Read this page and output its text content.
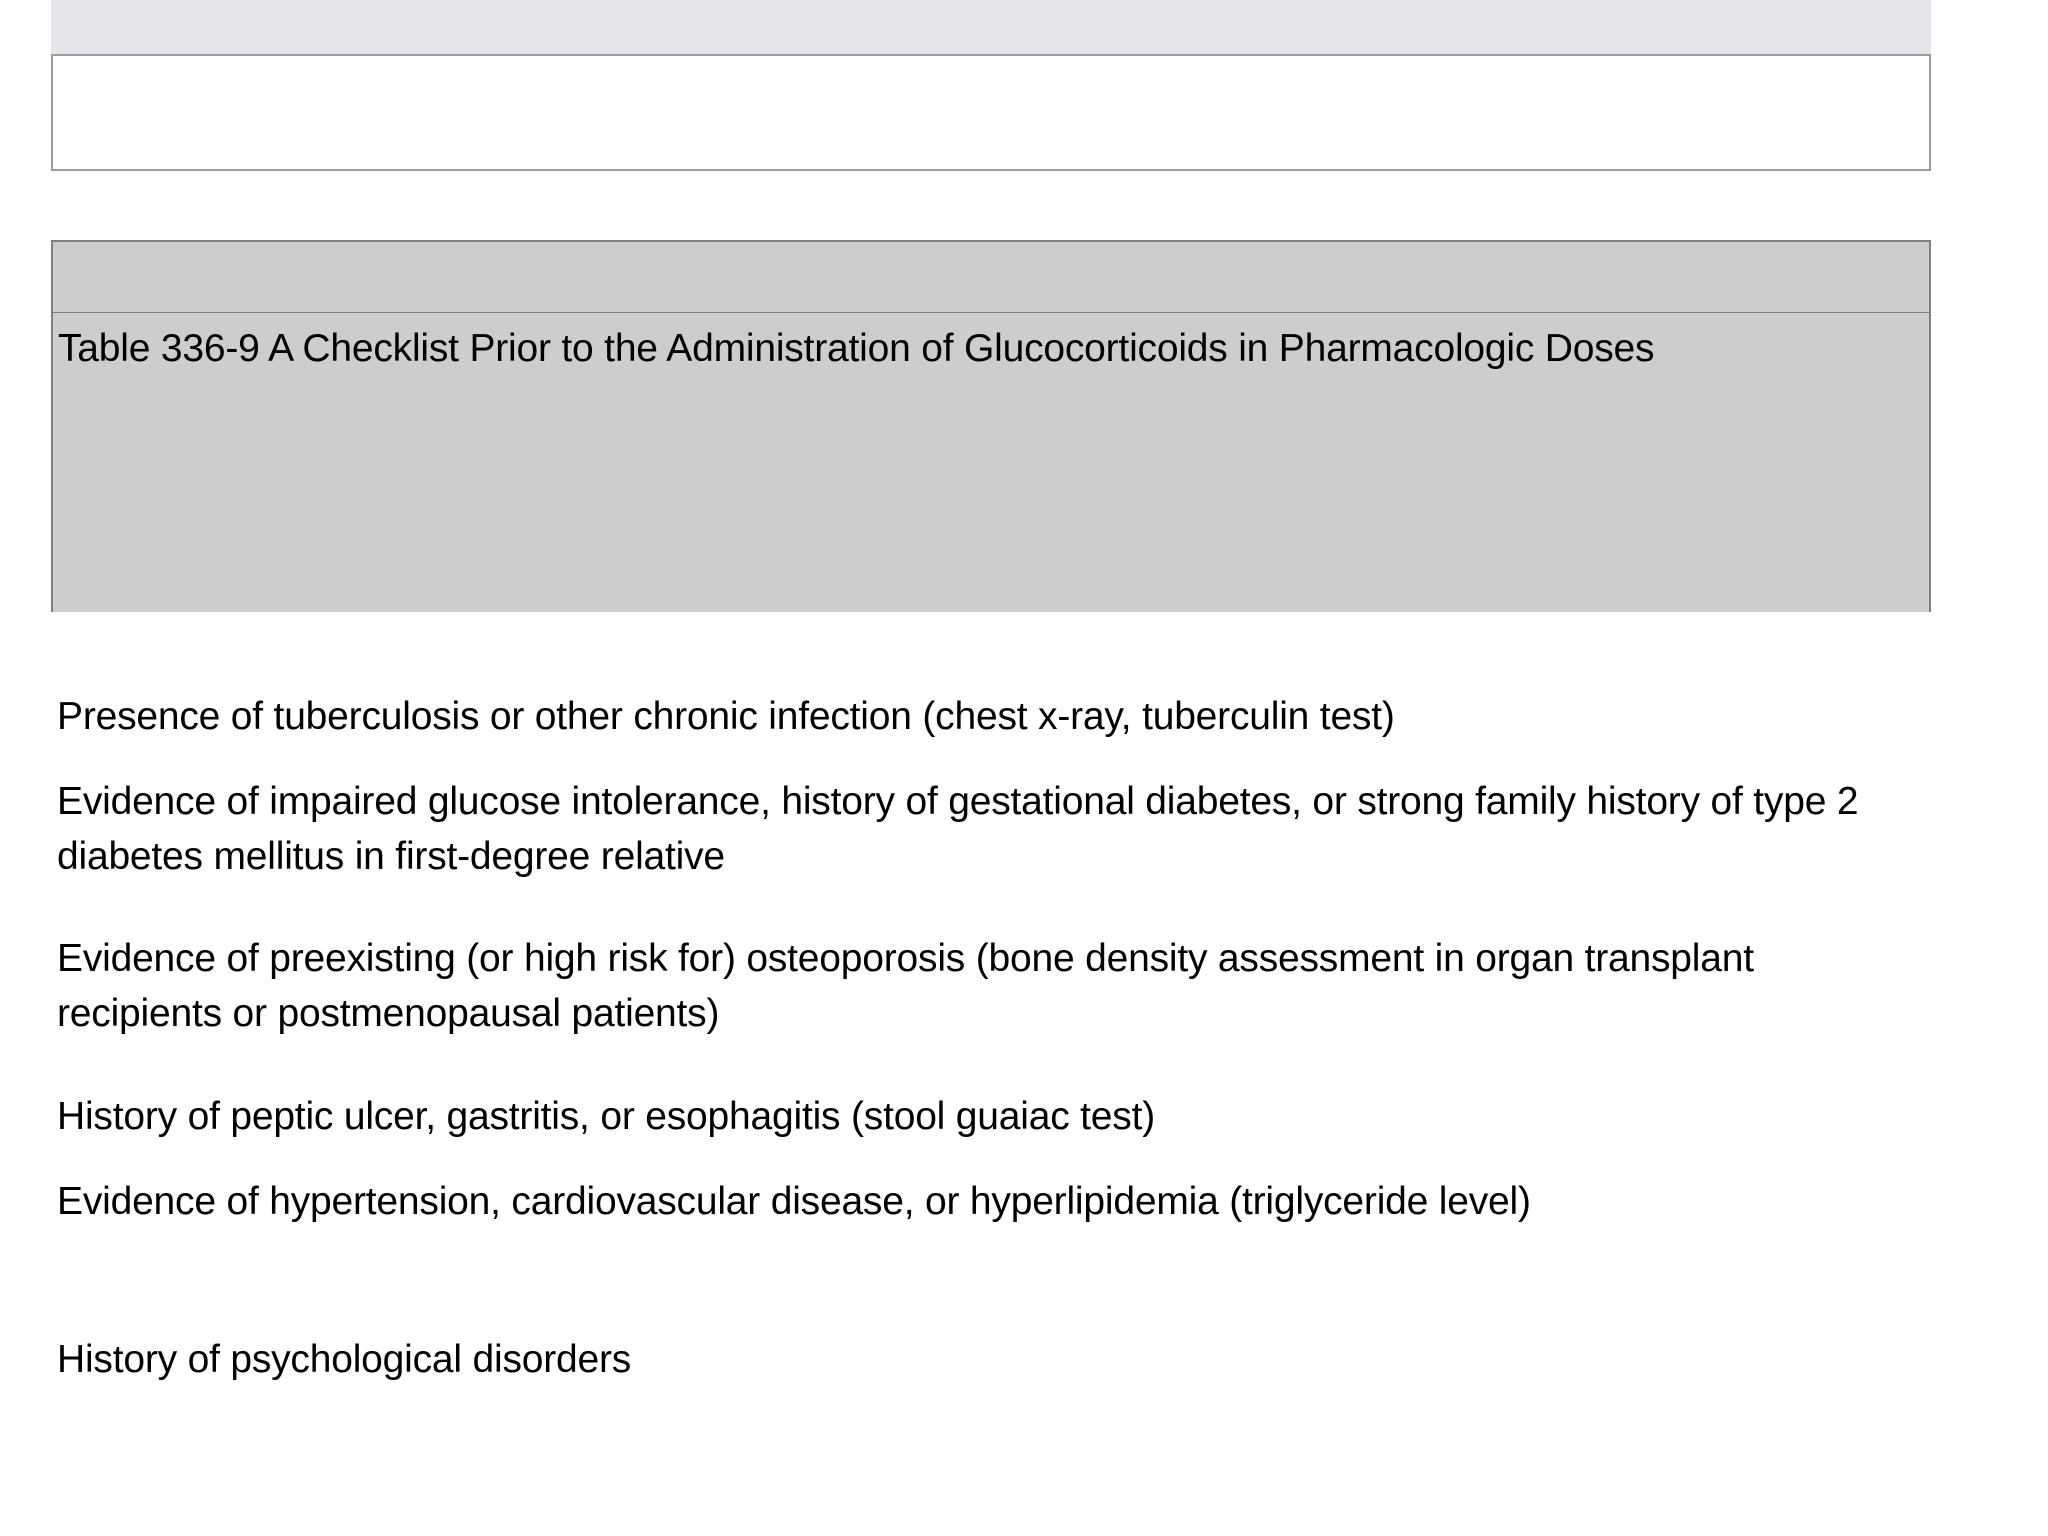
Table 336-9 A Checklist Prior to the Administration of Glucocorticoids in Pharmacologic Doses
Presence of tuberculosis or other chronic infection (chest x-ray, tuberculin test)
Evidence of impaired glucose intolerance, history of gestational diabetes, or strong family history of type 2 diabetes mellitus in first-degree relative
Evidence of preexisting (or high risk for) osteoporosis (bone density assessment in organ transplant recipients or postmenopausal patients)
History of peptic ulcer, gastritis, or esophagitis (stool guaiac test)
Evidence of hypertension, cardiovascular disease, or hyperlipidemia (triglyceride level)
History of psychological disorders
